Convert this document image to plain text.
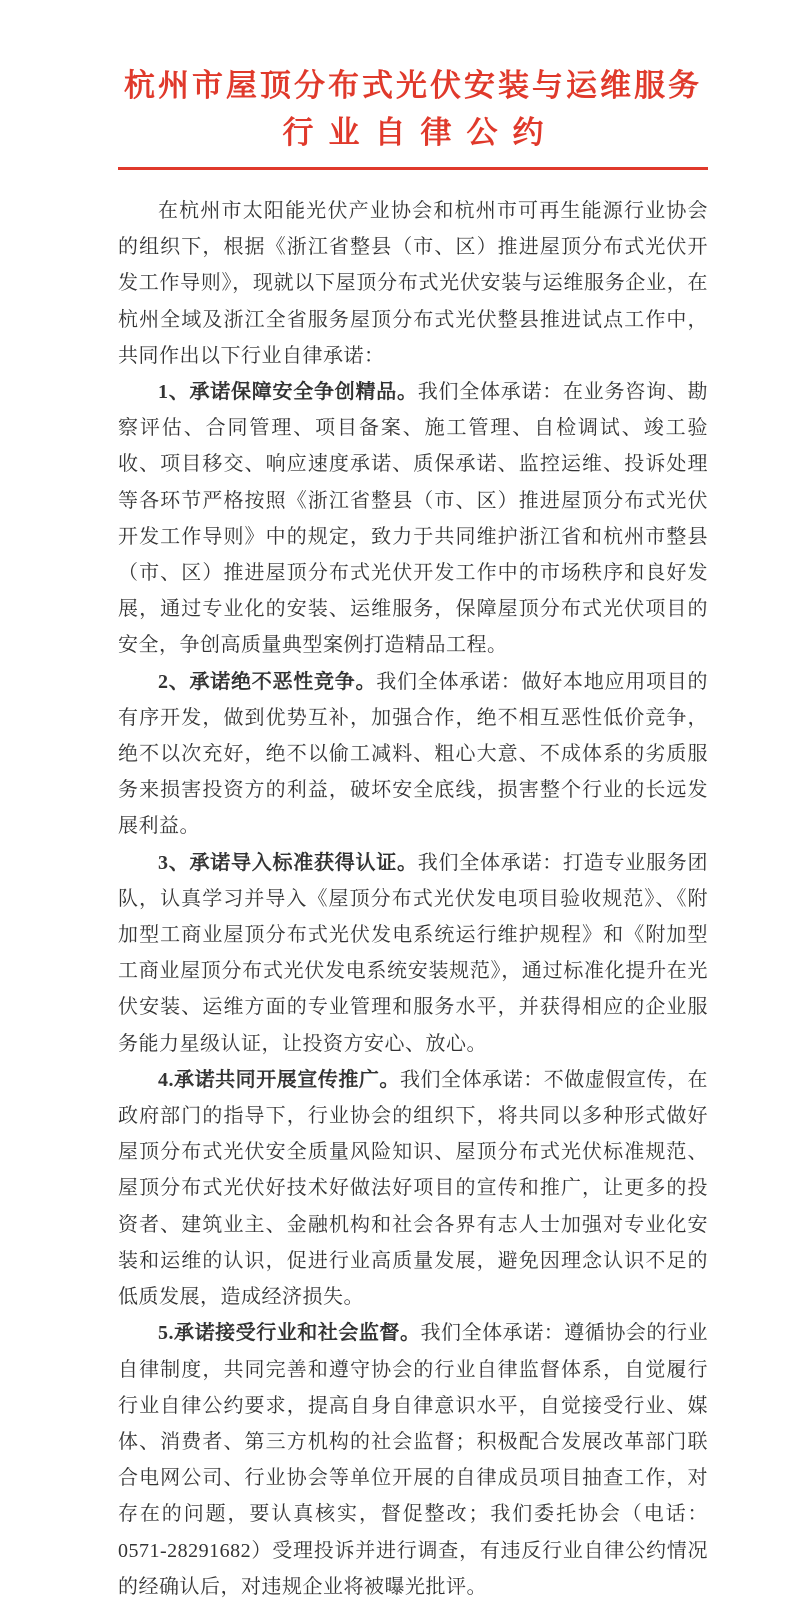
杭州市屋顶分布式光伏安装与运维服务
行业自律公约

在杭州市太阳能光伏产业协会和杭州市可再生能源行业协会的组织下，根据《浙江省整县（市、区）推进屋顶分布式光伏开发工作导则》，现就以下屋顶分布式光伏安装与运维服务企业，在杭州全域及浙江全省服务屋顶分布式光伏整县推进试点工作中，共同作出以下行业自律承诺：

1、承诺保障安全争创精品。我们全体承诺：在业务咨询、勘察评估、合同管理、项目备案、施工管理、自检调试、竣工验收、项目移交、响应速度承诺、质保承诺、监控运维、投诉处理等各环节严格按照《浙江省整县（市、区）推进屋顶分布式光伏开发工作导则》中的规定，致力于共同维护浙江省和杭州市整县（市、区）推进屋顶分布式光伏开发工作中的市场秩序和良好发展，通过专业化的安装、运维服务，保障屋顶分布式光伏项目的安全，争创高质量典型案例打造精品工程。

2、承诺绝不恶性竞争。我们全体承诺：做好本地应用项目的有序开发，做到优势互补，加强合作，绝不相互恶性低价竞争，绝不以次充好，绝不以偷工减料、粗心大意、不成体系的劣质服务来损害投资方的利益，破坏安全底线，损害整个行业的长远发展利益。

3、承诺导入标准获得认证。我们全体承诺：打造专业服务团队，认真学习并导入《屋顶分布式光伏发电项目验收规范》、《附加型工商业屋顶分布式光伏发电系统运行维护规程》和《附加型工商业屋顶分布式光伏发电系统安装规范》，通过标准化提升在光伏安装、运维方面的专业管理和服务水平，并获得相应的企业服务能力星级认证，让投资方安心、放心。

4.承诺共同开展宣传推广。我们全体承诺：不做虚假宣传，在政府部门的指导下，行业协会的组织下，将共同以多种形式做好屋顶分布式光伏安全质量风险知识、屋顶分布式光伏标准规范、屋顶分布式光伏好技术好做法好项目的宣传和推广，让更多的投资者、建筑业主、金融机构和社会各界有志人士加强对专业化安装和运维的认识，促进行业高质量发展，避免因理念认识不足的低质发展，造成经济损失。

5.承诺接受行业和社会监督。我们全体承诺：遵循协会的行业自律制度，共同完善和遵守协会的行业自律监督体系，自觉履行行业自律公约要求，提高自身自律意识水平，自觉接受行业、媒体、消费者、第三方机构的社会监督；积极配合发展改革部门联合电网公司、行业协会等单位开展的自律成员项目抽查工作，对存在的问题，要认真核实，督促整改；我们委托协会（电话：0571-28291682）受理投诉并进行调查，有违反行业自律公约情况的经确认后，对违规企业将被曝光批评。
